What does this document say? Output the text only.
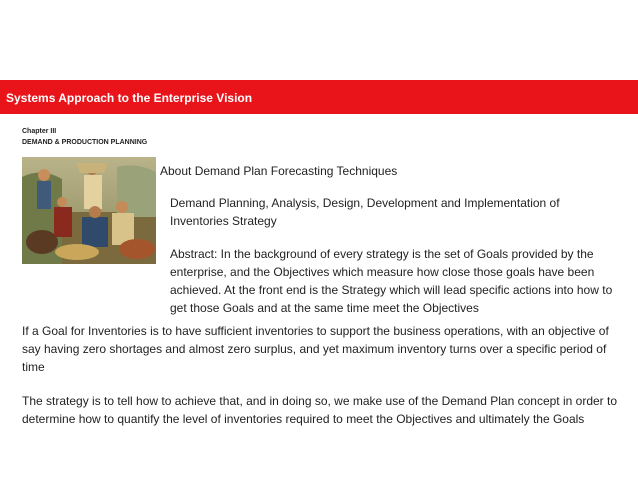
Systems Approach to the Enterprise Vision
Chapter III
DEMAND & PRODUCTION PLANNING

About Demand Plan Forecasting Techniques

Demand Planning, Analysis, Design, Development and Implementation of Inventories Strategy

Abstract: In the background of every strategy is the set of Goals provided by the enterprise, and the Objectives which measure how close those goals have been achieved. At the front end is the Strategy which will lead specific actions into how to get those Goals and at the same time meet the Objectives

If a Goal for Inventories is to have sufficient inventories to support the business operations, with an objective of say having zero shortages and almost zero surplus, and yet maximum inventory turns over a specific period of time

The strategy is to tell how to achieve that, and in doing so, we make use of the Demand Plan concept in order to determine how to quantify the level of inventories required to meet the Objectives and ultimately the Goals
